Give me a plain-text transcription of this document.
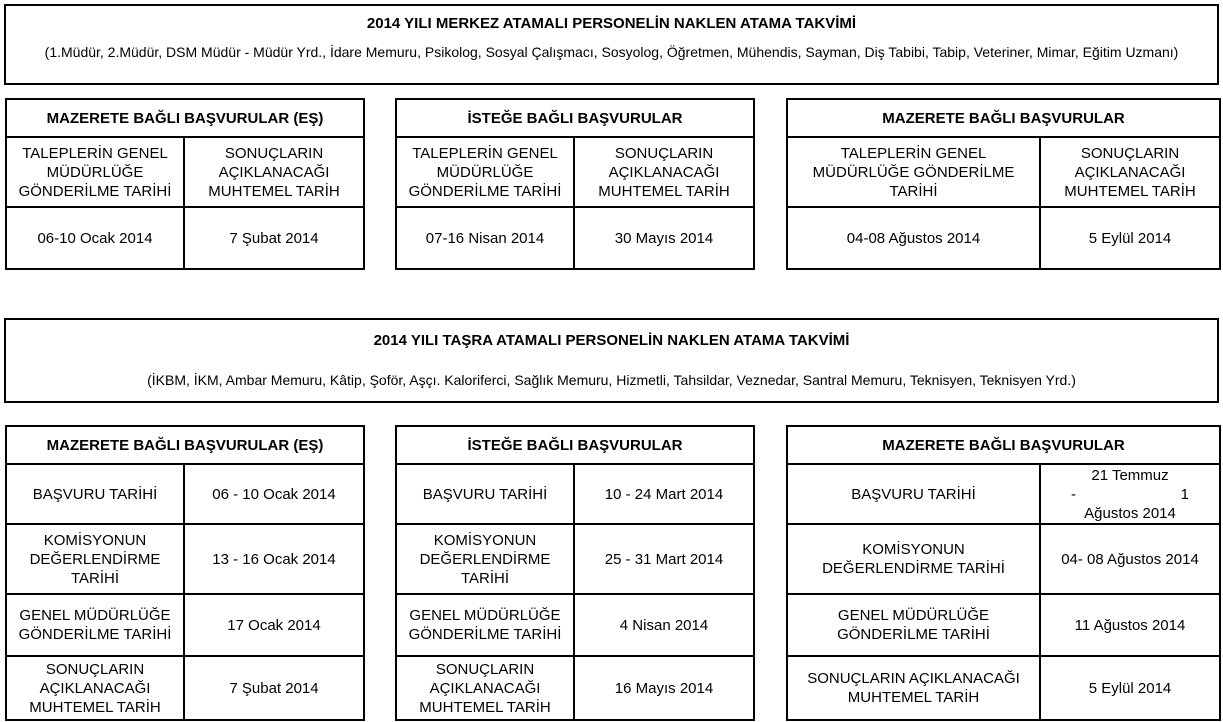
2014 YILI MERKEZ ATAMALI PERSONELİN NAKLEN ATAMA TAKVİMİ
(1.Müdür, 2.Müdür, DSM Müdür - Müdür Yrd., İdare Memuru, Psikolog, Sosyal Çalışmacı, Sosyolog, Öğretmen, Mühendis, Sayman, Diş Tabibi, Tabip, Veteriner, Mimar, Eğitim Uzmanı)
MAZERETE BAĞLI BAŞVURULAR (EŞ)	
TALEPLERİN GENEL MÜDÜRLÜĞE GÖNDERİLME TARİHİ	SONUÇLARIN AÇIKLANACAĞI MUHTEMEL TARİH
06-10 Ocak 2014	7 Şubat 2014
İSTEĞE BAĞLI BAŞVURULAR	
TALEPLERİN GENEL MÜDÜRLÜĞE GÖNDERİLME TARİHİ	SONUÇLARIN AÇIKLANACAĞI MUHTEMEL TARİH
07-16 Nisan 2014	30 Mayıs 2014
MAZERETE BAĞLI BAŞVURULAR	
TALEPLERİN GENEL MÜDÜRLÜĞE GÖNDERİLME TARİHİ	SONUÇLARIN AÇIKLANACAĞI MUHTEMEL TARİH
04-08 Ağustos 2014	5 Eylül 2014
2014 YILI TAŞRA ATAMALI PERSONELİN NAKLEN ATAMA TAKVİMİ
(İKBM, İKM, Ambar Memuru, Kâtip, Şoför, Aşçı. Kaloriferci, Sağlık Memuru, Hizmetli, Tahsildar, Veznedar, Santral Memuru, Teknisyen, Teknisyen Yrd.)
MAZERETE BAĞLI BAŞVURULAR (EŞ)	
BAŞVURU TARİHİ	06 - 10 Ocak 2014
KOMİSYONUN DEĞERLENDİRME TARİHİ	13 - 16 Ocak 2014
GENEL MÜDÜRLÜĞE GÖNDERİLME TARİHİ	17 Ocak 2014
SONUÇLARIN AÇIKLANACAĞI MUHTEMEL TARİH	7 Şubat 2014
İSTEĞE BAĞLI BAŞVURULAR	
BAŞVURU TARİHİ	10 - 24 Mart 2014
KOMİSYONUN DEĞERLENDİRME TARİHİ	25 - 31 Mart 2014
GENEL MÜDÜRLÜĞE GÖNDERİLME TARİHİ	4 Nisan 2014
SONUÇLARIN AÇIKLANACAĞI MUHTEMEL TARİH	16 Mayıs 2014
MAZERETE BAĞLI BAŞVURULAR	
BAŞVURU TARİHİ	21 Temmuz
- 1
Ağustos 2014

KOMİSYONUN DEĞERLENDİRME TARİHİ	04- 08 Ağustos 2014
GENEL MÜDÜRLÜĞE GÖNDERİLME TARİHİ	11 Ağustos 2014
SONUÇLARIN AÇIKLANACAĞI MUHTEMEL TARİH	5 Eylül 2014
